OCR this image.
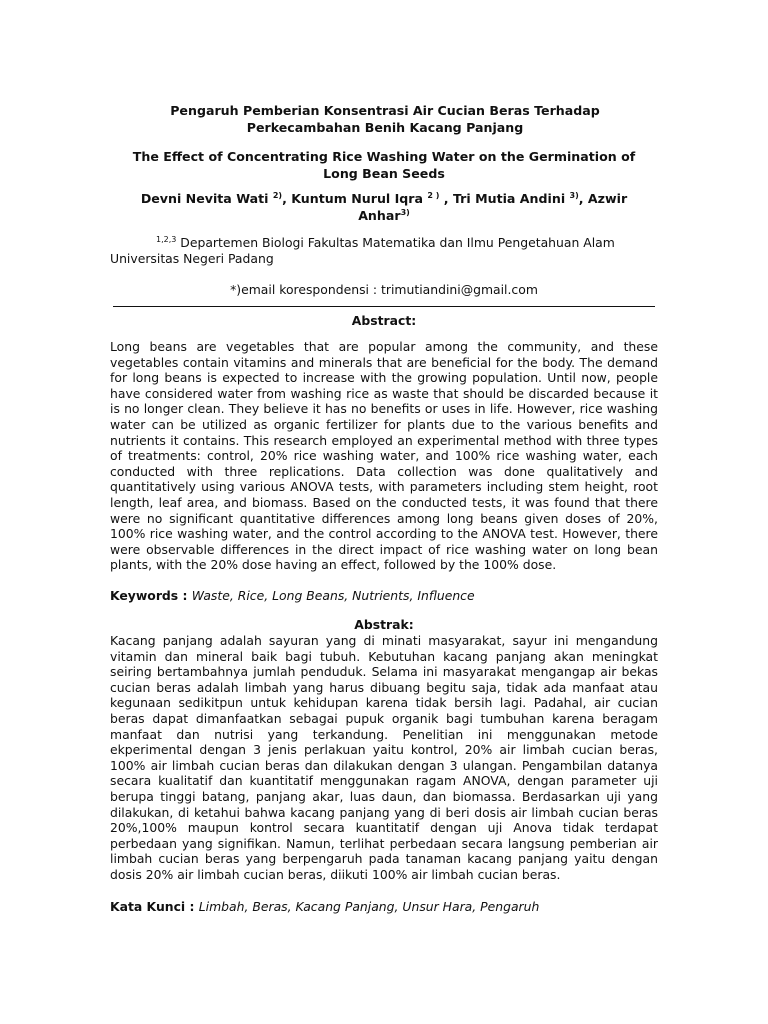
Pengaruh Pemberian Konsentrasi Air Cucian Beras Terhadap
Perkecambahan Benih Kacang Panjang
The Effect of Concentrating Rice Washing Water on the Germination of
Long Bean Seeds
Devni Nevita Wati $^{2)}$, Kuntum Nurul Iqra $^{2 )}$ , Tri Mutia Andini $^{3)}$, Azwir
Anhar$^{3)}$
$^{1,2,3}$ Departemen Biologi Fakultas Matematika dan Ilmu Pengetahuan Alam
Universitas Negeri Padang
*)email korespondensi : trimutiandini@gmail.com
Abstract:
Long beans are vegetables that are popular among the community, and these vegetables contain vitamins and minerals that are beneficial for the body. The demand for long beans is expected to increase with the growing population. Until now, people have considered water from washing rice as waste that should be discarded because it is no longer clean. They believe it has no benefits or uses in life. However, rice washing water can be utilized as organic fertilizer for plants due to the various benefits and nutrients it contains. This research employed an experimental method with three types of treatments: control, 20% rice washing water, and 100% rice washing water, each conducted with three replications. Data collection was done qualitatively and quantitatively using various ANOVA tests, with parameters including stem height, root length, leaf area, and biomass. Based on the conducted tests, it was found that there were no significant quantitative differences among long beans given doses of 20%, 100% rice washing water, and the control according to the ANOVA test. However, there were observable differences in the direct impact of rice washing water on long bean plants, with the 20% dose having an effect, followed by the 100% dose.
Keywords : Waste, Rice, Long Beans, Nutrients, Influence
Abstrak:
Kacang panjang adalah sayuran yang di minati masyarakat, sayur ini mengandung vitamin dan mineral baik bagi tubuh. Kebutuhan kacang panjang akan meningkat seiring bertambahnya jumlah penduduk. Selama ini masyarakat mengangap air bekas cucian beras adalah limbah yang harus dibuang begitu saja, tidak ada manfaat atau kegunaan sedikitpun untuk kehidupan karena tidak bersih lagi. Padahal, air cucian beras dapat dimanfaatkan sebagai pupuk organik bagi tumbuhan karena beragam manfaat dan nutrisi yang terkandung. Penelitian ini menggunakan metode ekperimental dengan 3 jenis perlakuan yaitu kontrol, 20% air limbah cucian beras, 100% air limbah cucian beras dan dilakukan dengan 3 ulangan. Pengambilan datanya secara kualitatif dan kuantitatif menggunakan ragam ANOVA, dengan parameter uji berupa tinggi batang, panjang akar, luas daun, dan biomassa. Berdasarkan uji yang dilakukan, di ketahui bahwa kacang panjang yang di beri dosis air limbah cucian beras 20%,100% maupun kontrol secara kuantitatif dengan uji Anova tidak terdapat perbedaan yang signifikan. Namun, terlihat perbedaan secara langsung pemberian air limbah cucian beras yang berpengaruh pada tanaman kacang panjang yaitu dengan dosis 20% air limbah cucian beras, diikuti 100% air limbah cucian beras.
Kata Kunci : Limbah, Beras, Kacang Panjang, Unsur Hara, Pengaruh
